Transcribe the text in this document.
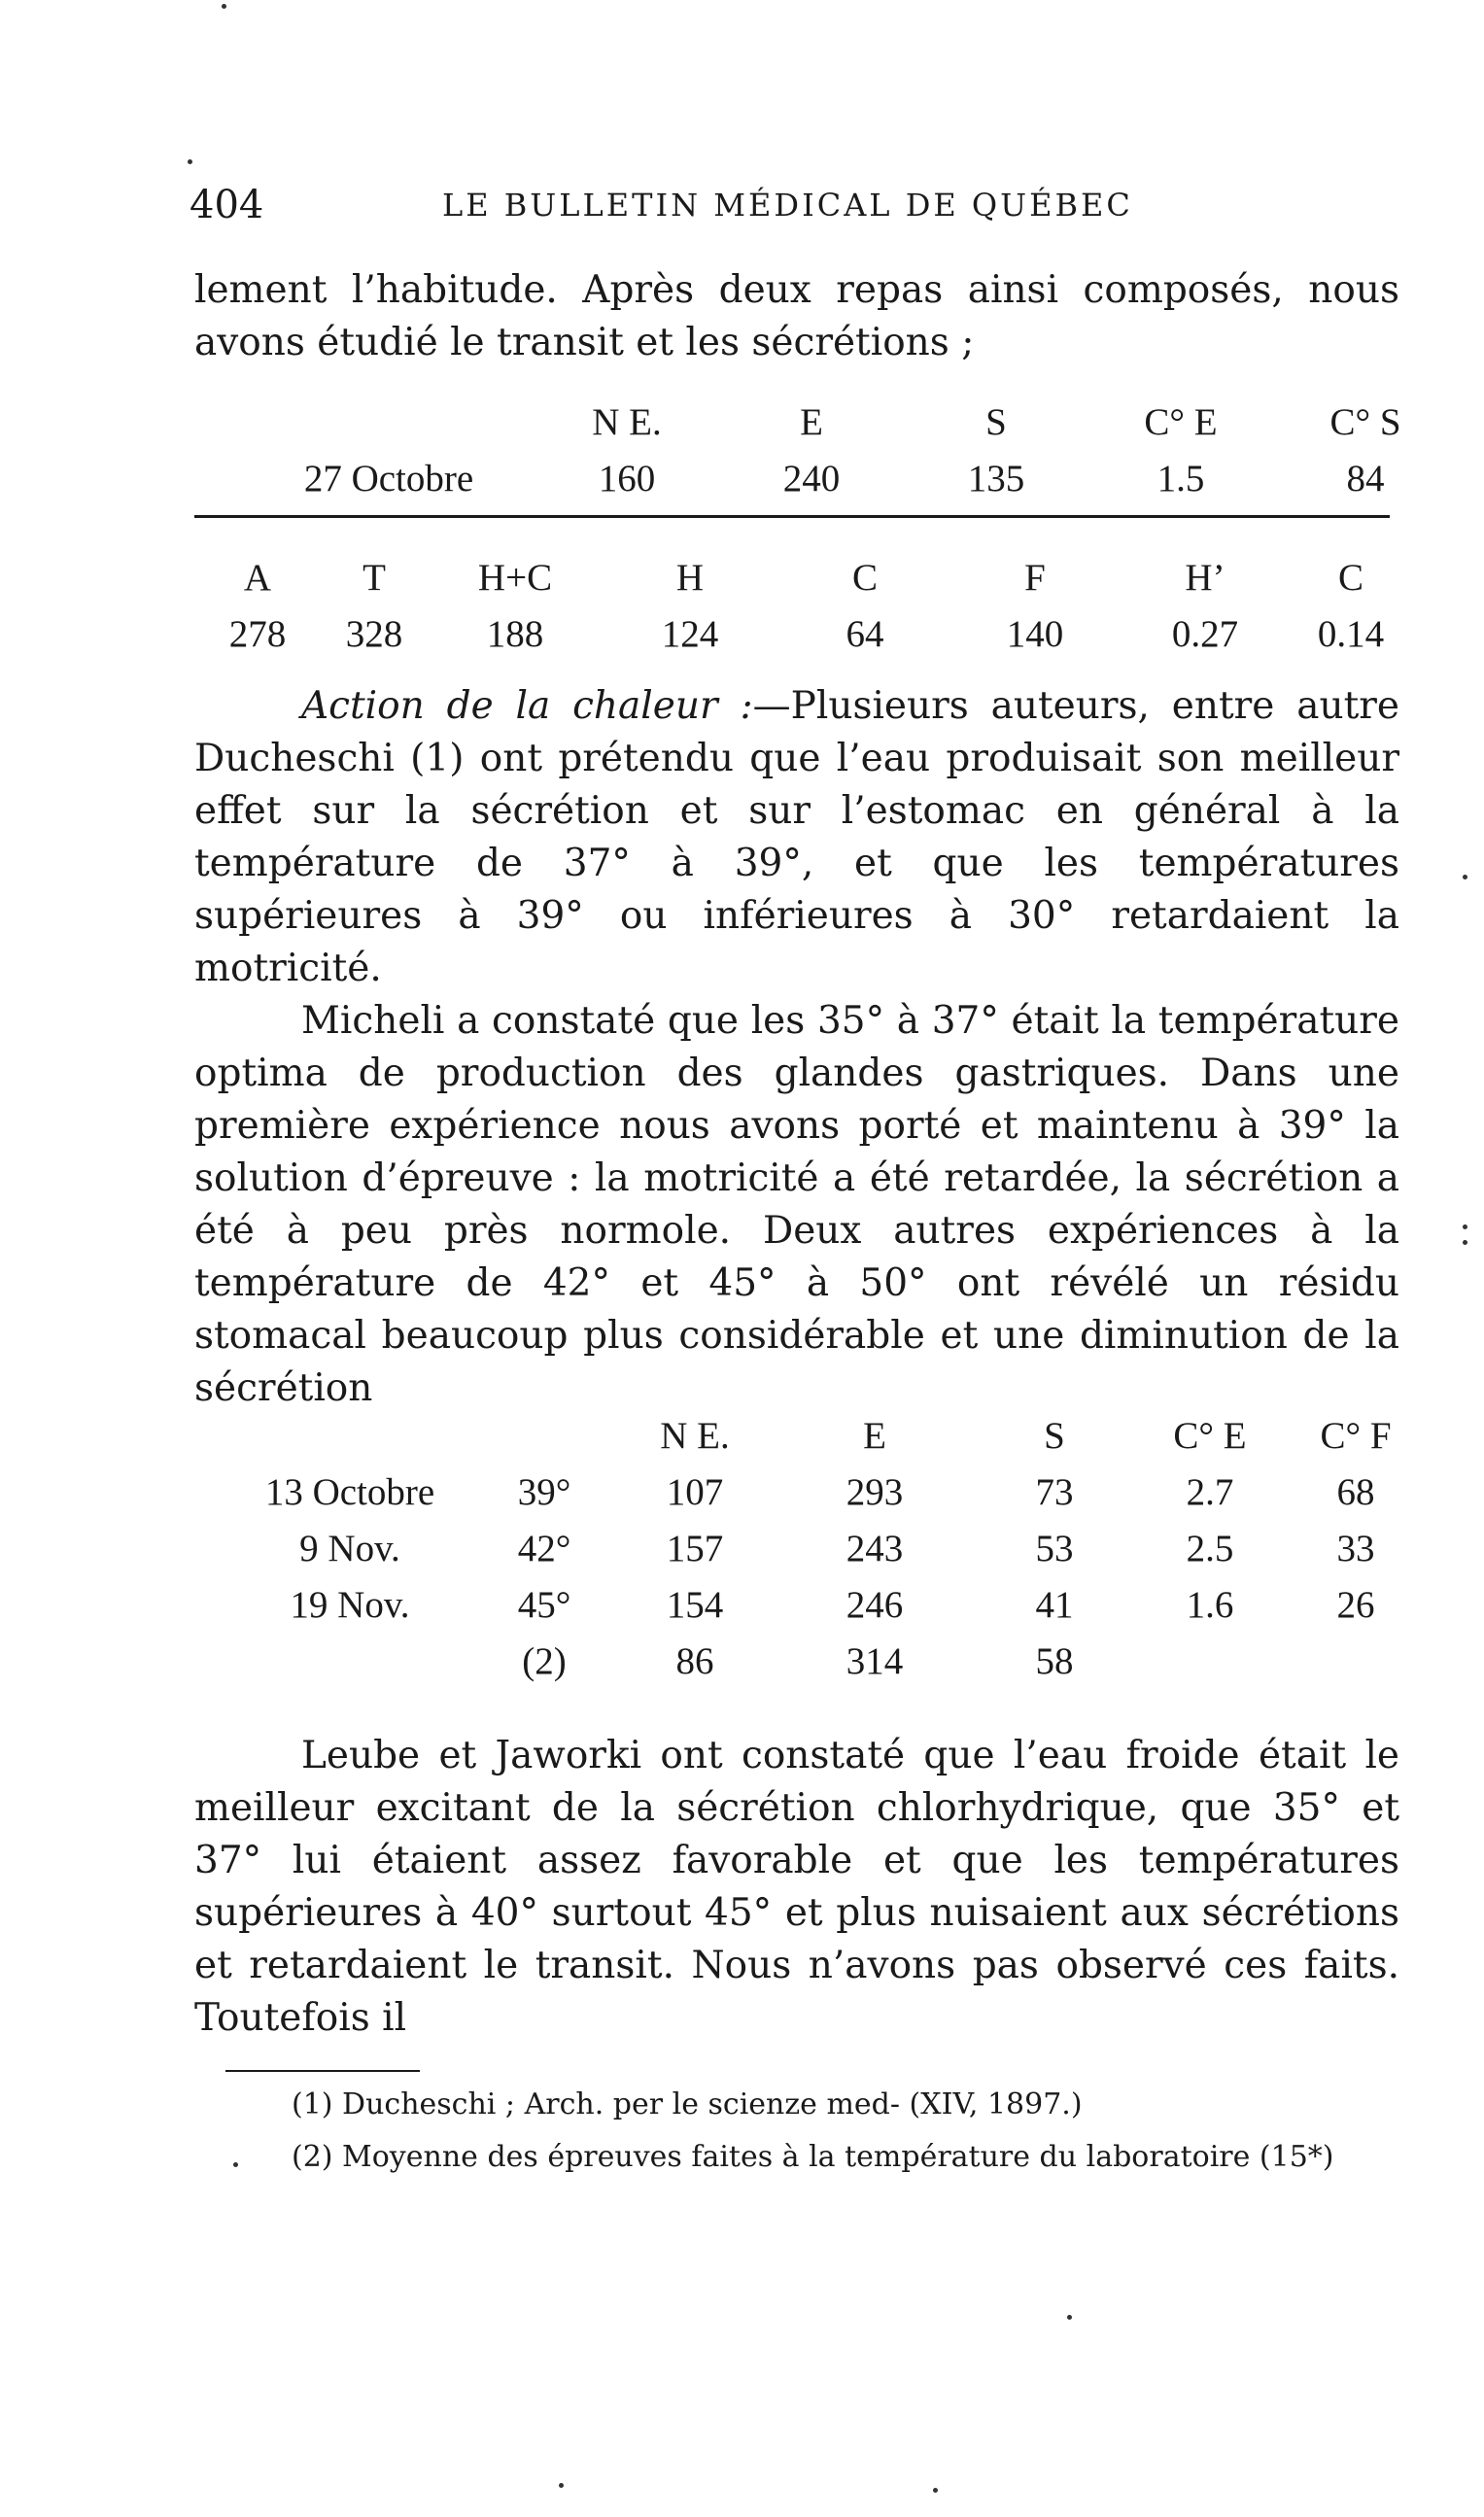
404	LE BULLETIN MÉDICAL DE QUÉBEC

lement l’habitude. Après deux repas ainsi composés, nous avons étudié le transit et les sécrétions ;

	N E.	E	S	C° E	C° S
27 Octobre	160	240	135	1.5	84
A	T	H+C	H	C	F	H’	C
278	328	188	124	64	140	0.27	0.14

Action de la chaleur :—Plusieurs auteurs, entre autre Ducheschi (1) ont prétendu que l’eau produisait son meilleur effet sur la sécrétion et sur l’estomac en général à la température de 37° à 39°, et que les températures supérieures à 39° ou inférieures à 30° retardaient la motricité.

Micheli a constaté que les 35° à 37° était la température optima de production des glandes gastriques. Dans une première expérience nous avons porté et maintenu à 39° la solution d’épreuve : la motricité a été retardée, la sécrétion a été à peu près normole. Deux autres expériences à la température de 42° et 45° à 50° ont révélé un résidu stomacal beaucoup plus considérable et une diminution de la sécrétion

		N E.	E	S	C° E	C° F
13 Octobre	39°	107	293	73	2.7	68
9 Nov.	42°	157	243	53	2.5	33
19 Nov.	45°	154	246	41	1.6	26
	(2)	86	314	58		

Leube et Jaworki ont constaté que l’eau froide était le meilleur excitant de la sécrétion chlorhydrique, que 35° et 37° lui étaient assez favorable et que les températures supérieures à 40° surtout 45° et plus nuisaient aux sécrétions et retardaient le transit. Nous n’avons pas observé ces faits. Toutefois il

(1) Ducheschi ; Arch. per le scienze med- (XIV, 1897.)
(2) Moyenne des épreuves faites à la température du laboratoire (15*)
